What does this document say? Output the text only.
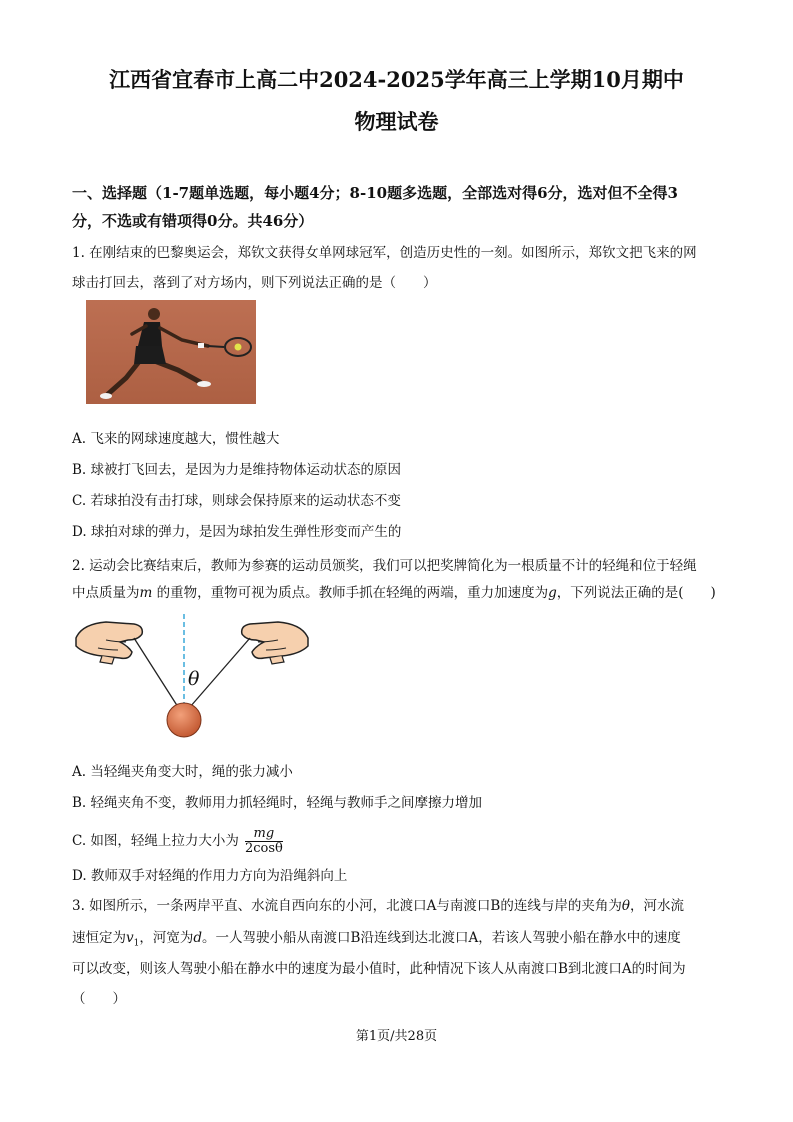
江西省宜春市上高二中2024-2025学年高三上学期10月期中
物理试卷
一、选择题（1-7题单选题，每小题4分；8-10题多选题，全部选对得6分，选对但不全得3
分，不选或有错项得0分。共46分）
1. 在刚结束的巴黎奥运会，郑钦文获得女单网球冠军，创造历史性的一刻。如图所示，郑钦文把飞来的网
球击打回去，落到了对方场内，则下列说法正确的是（　　）
A. 飞来的网球速度越大，惯性越大
B. 球被打飞回去，是因为力是维持物体运动状态的原因
C. 若球拍没有击打球，则球会保持原来的运动状态不变
D. 球拍对球的弹力，是因为球拍发生弹性形变而产生的
2. 运动会比赛结束后，教师为参赛的运动员颁奖，我们可以把奖牌简化为一根质量不计的轻绳和位于轻绳
中点质量为m 的重物，重物可视为质点。教师手抓在轻绳的两端，重力加速度为g，下列说法正确的是(　　)
θ
A. 当轻绳夹角变大时，绳的张力减小
B. 轻绳夹角不变，教师用力抓轻绳时，轻绳与教师手之间摩擦力增加
C. 如图，轻绳上拉力大小为 $\frac{mg}{2\cos\theta}$
D. 教师双手对轻绳的作用力方向为沿绳斜向上
3. 如图所示，一条两岸平直、水流自西向东的小河，北渡口A与南渡口B的连线与岸的夹角为θ，河水流
速恒定为$v_1$，河宽为d。一人驾驶小船从南渡口B沿连线到达北渡口A，若该人驾驶小船在静水中的速度
可以改变，则该人驾驶小船在静水中的速度为最小值时，此种情况下该人从南渡口B到北渡口A的时间为
（　　）
第1页/共28页
